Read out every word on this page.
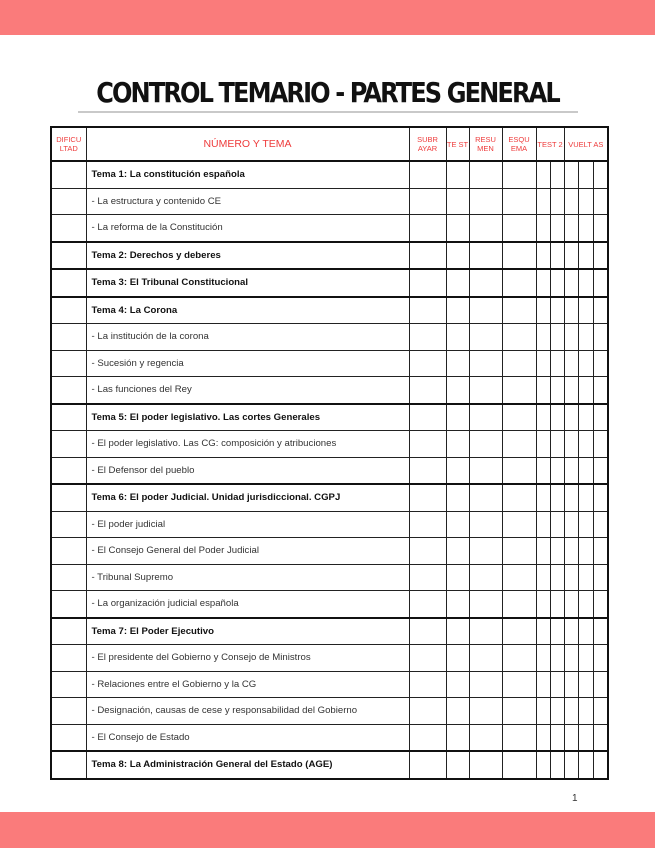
CONTROL TEMARIO - PARTES GENERAL
DIFICU LTAD	NÚMERO Y TEMA	SUBR AYAR	TE ST	RESU MEN	ESQU EMA	TEST 2		VUELT AS		
	Tema 1: La constitución española									
	- La estructura y contenido CE									
	- La reforma de la Constitución									
	Tema 2: Derechos y deberes									
	Tema 3: El Tribunal Constitucional									
	Tema 4: La Corona									
	- La institución de la corona									
	- Sucesión y regencia									
	- Las funciones del Rey									
	Tema 5: El poder legislativo. Las cortes Generales									
	- El poder legislativo. Las CG: composición y atribuciones									
	- El Defensor del pueblo									
	Tema 6: El poder Judicial. Unidad jurisdiccional. CGPJ									
	- El poder judicial									
	- El Consejo General del Poder Judicial									
	- Tribunal Supremo									
	- La organización judicial española									
	Tema 7: El Poder Ejecutivo									
	- El presidente del Gobierno y Consejo de Ministros									
	- Relaciones entre el Gobierno y la CG									
	- Designación, causas de cese y responsabilidad del Gobierno									
	- El Consejo de Estado									
	Tema 8: La Administración General del Estado (AGE)									
1
